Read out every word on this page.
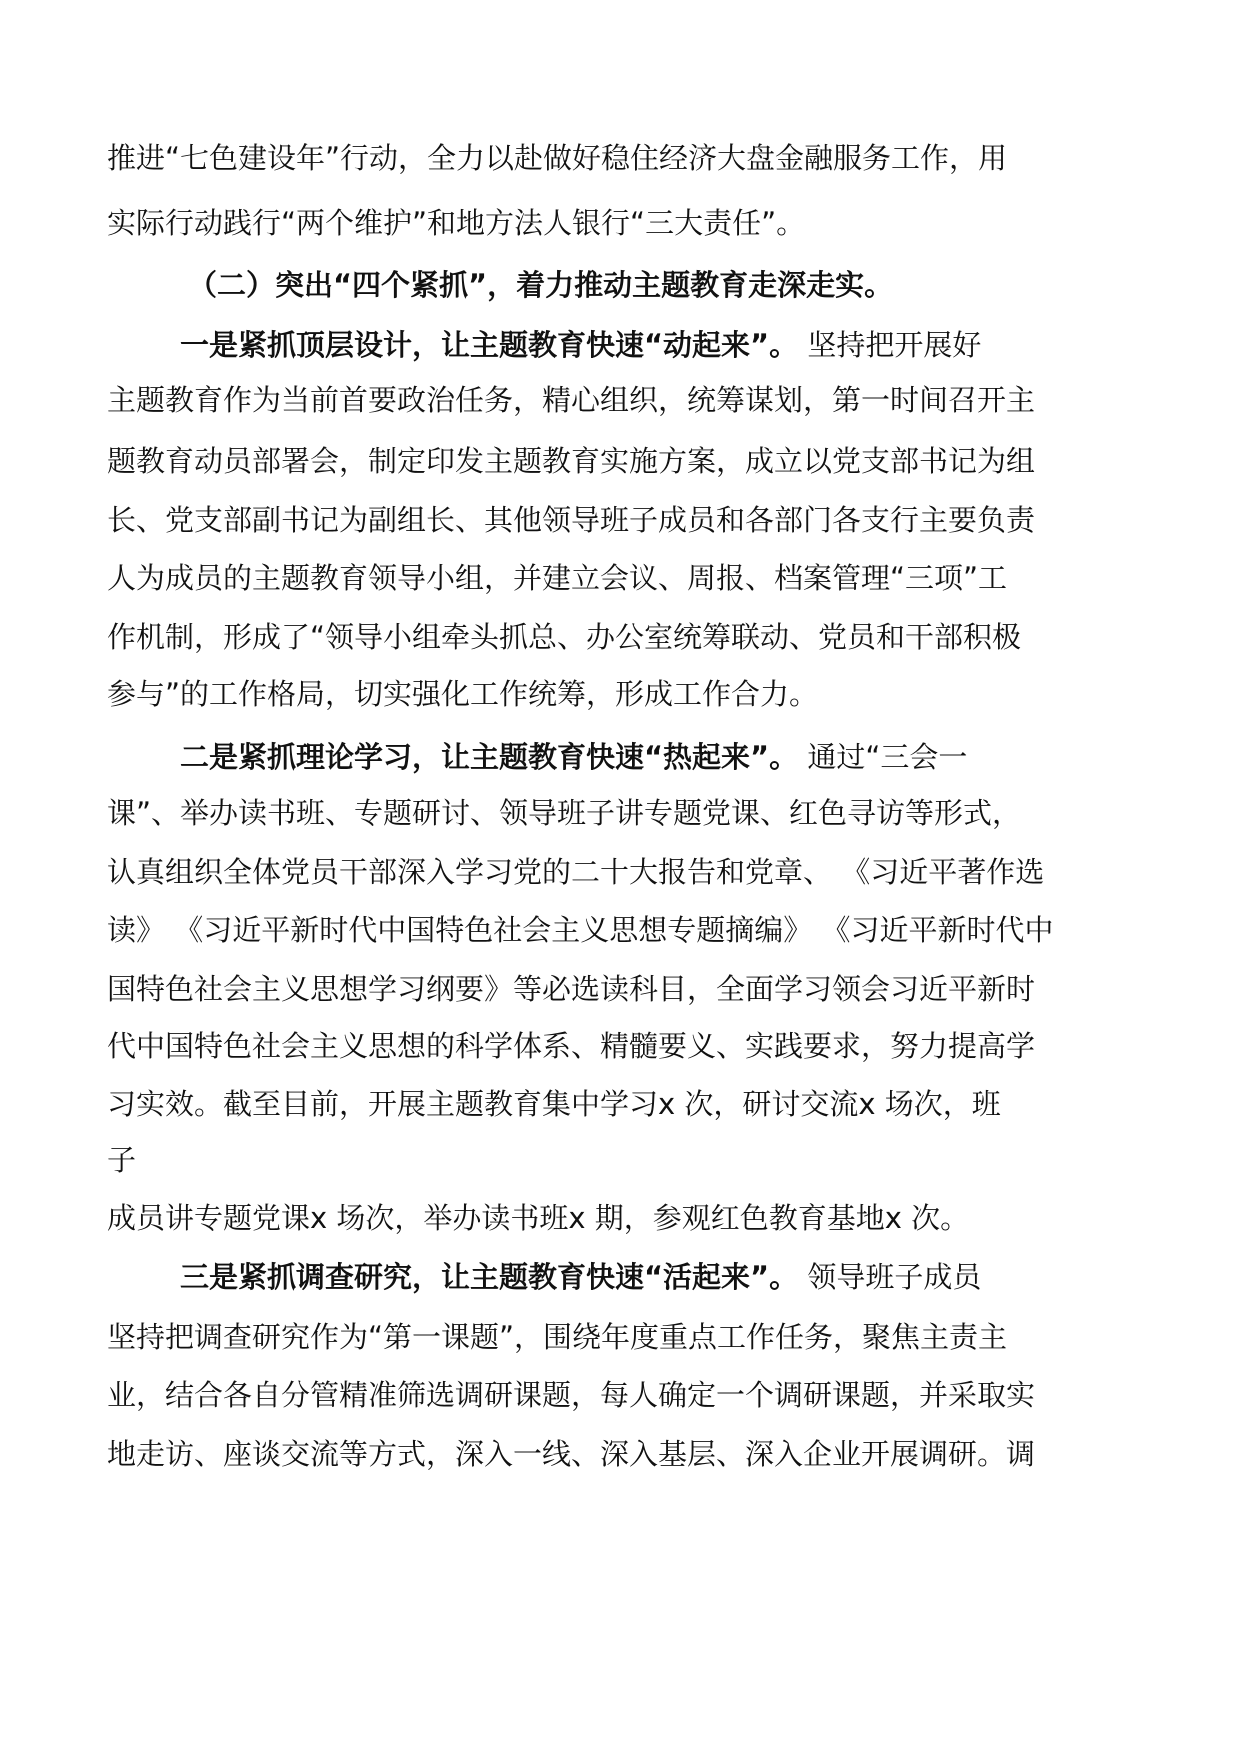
推进“七色建设年”行动，全力以赴做好稳住经济大盘金融服务工作，用
实际行动践行“两个维护”和地方法人银行“三大责任”。
（二）突出“四个紧抓”，着力推动主题教育走深走实。
一是紧抓顶层设计，让主题教育快速“动起来”。 坚持把开展好
主题教育作为当前首要政治任务，精心组织，统筹谋划，第一时间召开主
题教育动员部署会，制定印发主题教育实施方案，成立以党支部书记为组
长、党支部副书记为副组长、其他领导班子成员和各部门各支行主要负责
人为成员的主题教育领导小组，并建立会议、周报、档案管理“三项”工
作机制，形成了“领导小组牵头抓总、办公室统筹联动、党员和干部积极
参与”的工作格局，切实强化工作统筹，形成工作合力。
二是紧抓理论学习，让主题教育快速“热起来”。 通过“三会一
课”、举办读书班、专题研讨、领导班子讲专题党课、红色寻访等形式，
认真组织全体党员干部深入学习党的二十大报告和党章、 《习近平著作选
读》 《习近平新时代中国特色社会主义思想专题摘编》 《习近平新时代中
国特色社会主义思想学习纲要》等必选读科目，全面学习领会习近平新时
代中国特色社会主义思想的科学体系、精髓要义、实践要求，努力提高学
习实效。截至目前，开展主题教育集中学习x 次，研讨交流x 场次，班
子
成员讲专题党课x 场次，举办读书班x 期，参观红色教育基地x 次。
三是紧抓调查研究，让主题教育快速“活起来”。 领导班子成员
坚持把调查研究作为“第一课题”，围绕年度重点工作任务，聚焦主责主
业，结合各自分管精准筛选调研课题，每人确定一个调研课题，并采取实
地走访、座谈交流等方式，深入一线、深入基层、深入企业开展调研。调
